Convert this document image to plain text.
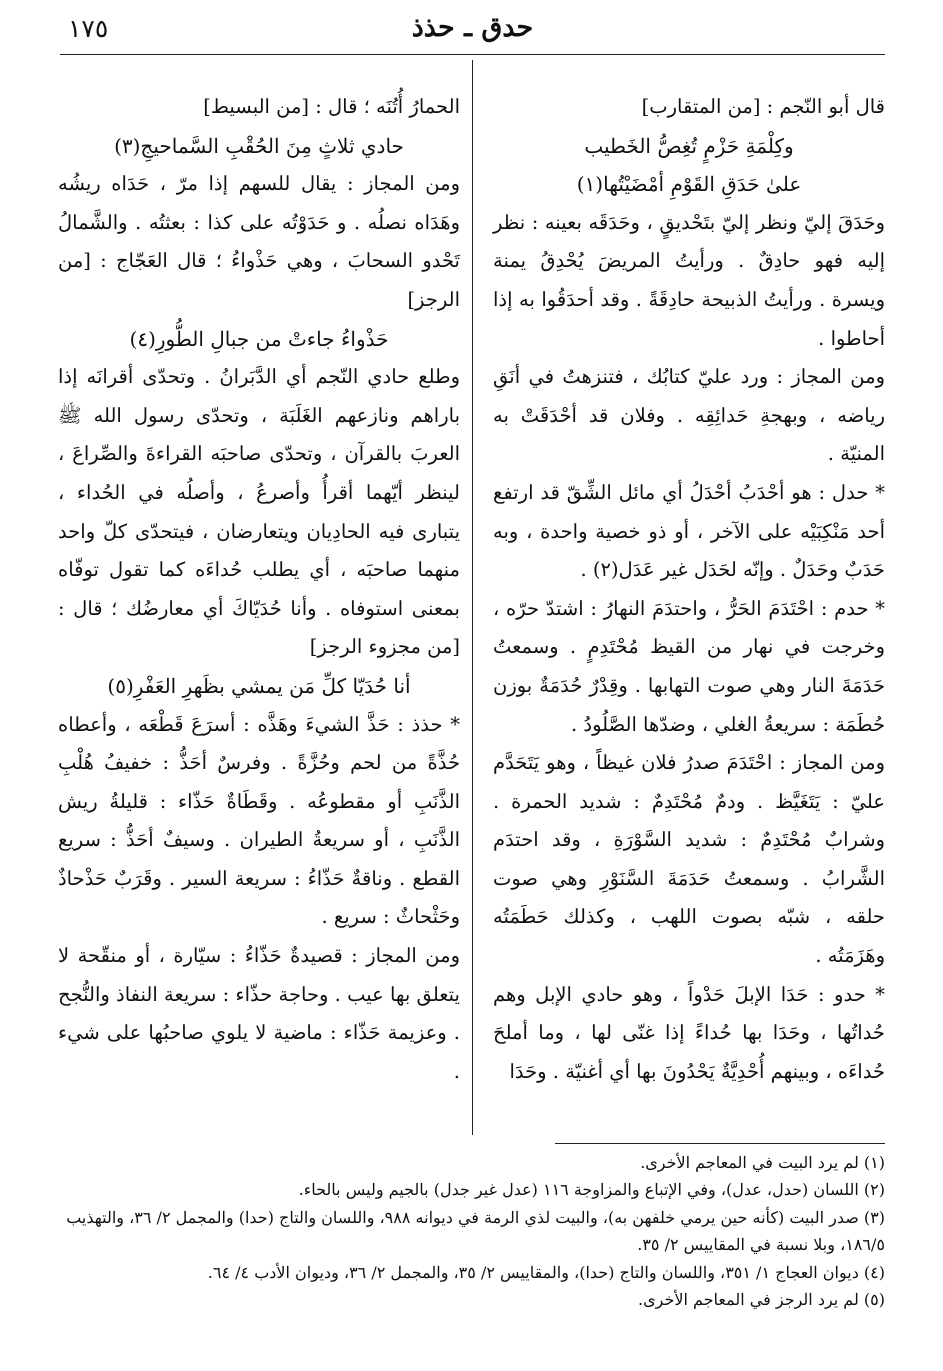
حدق ـ حذذ
١٧٥

قال أبو النّجم : [من المتقارب]

وكِلْمَةِ حَزْمٍ تُغِصُّ الخَطيب

علىٰ حَدَقِ القَوْمِ أمْضَيْتُها(١)

وحَدَقَ إليّ ونظر إليّ بتَحْديقٍ ، وحَدَقَه بعينه : نظر إليه فهو حادِقٌ . ورأيتُ المريضَ يُحْدِقُ يمنة ويسرة . ورأيتُ الذبيحة حادِقَةً . وقد أحدَقُوا به إذا أحاطوا .

ومن المجاز : ورد عليّ كتابُك ، فتنزهتُ في أنَقِ رياضه ، وبهجةِ حَدائِقِه . وفلان قد أحْدَقَتْ به المنيّة .

* حدل : هو أحْدَبُ أحْدَلُ أي مائل الشِّقّ قد ارتفع أحد مَنْكِبَيْه على الآخر ، أو ذو خصية واحدة ، وبه حَدَبٌ وحَدَلٌ . وإنّه لحَدَل غير عَدَل(٢) .

* حدم : احْتَدَمَ الحَرُّ ، واحتدَمَ النهارُ : اشتدّ حرّه ، وخرجت في نهار من القيظ مُحْتَدِمٍ . وسمعتُ حَدَمَةَ النار وهي صوت التهابها . وقِدْرٌ حُدَمَةٌ بوزن حُطَمَة : سريعةُ الغلي ، وضدّها الصَّلُودُ .

ومن المجاز : احْتَدَمَ صدرُ فلان غيظاً ، وهو يَتَحَدَّم عليّ : يَتَغَيَّظ . ودمٌ مُحْتَدِمٌ : شديد الحمرة . وشرابٌ مُحْتَدِمٌ : شديد السَّوْرَةِ ، وقد احتدَم الشَّرابُ . وسمعتُ حَدَمَةَ السَّنَوْرِ وهي صوت حلقه ، شبّه بصوت اللهب ، وكذلك حَطَمَتُه وهَزَمَتُه .

* حدو : حَدَا الإبلَ حَدْواً ، وهو حادي الإبل وهم حُداتُها ، وحَدَا بها حُداءً إذا غنّى لها ، وما أملحَ حُداءَه ، وبينهم أُحْدِيَّةٌ يَحْدُونَ بها أي أغنيّة . وحَدَا

الحمارُ أُتُنَه ؛ قال : [من البسيط]

حادي ثلاثٍ مِنَ الحُقْبِ السَّماحيجِ(٣)

ومن المجاز : يقال للسهم إذا مرّ ، حَدَاه ريشُه وهَدَاه نصلُه . و حَدَوْتُه على كذا : بعثتُه . والشَّمالُ تَحْدو السحابَ ، وهي حَذْواءُ ؛ قال العَجّاج : [من الرجز]

حَذْواءُ جاءتْ من جبالِ الطُّورِ(٤)

وطلع حادي النّجم أي الدَّبَرانُ . وتحدّى أقرانَه إذا باراهم ونازعهم الغَلَبَة ، وتحدّى رسول الله ﷺ العربَ بالقرآن ، وتحدّى صاحبَه القراءةَ والصِّراعَ ، لينظر أيّهما أقرأُ وأصرعُ ، وأصلُه في الحُداء ، يتبارى فيه الحادِيان ويتعارضان ، فيتحدّى كلّ واحد منهما صاحبَه ، أي يطلب حُداءَه كما تقول توفّاه بمعنى استوفاه . وأنا حُدَيّاكَ أي معارضُك ؛ قال : [من مجزوء الرجز]

أنا حُدَيّا كلِّ مَن يمشي بظَهرِ العَفْرِ(٥)

* حذذ : حَذَّ الشيءَ وهَذَّه : أسرَعَ قَطْعَه ، وأعطاه حُذَّةً من لحم وحُزَّةً . وفرسٌ أحَذُّ : خفيفُ هُلْبِ الذَّنَبِ أو مقطوعُه . وقَطَاةٌ حَذّاء : قليلةُ ريش الذَّنَبِ ، أو سريعةُ الطيران . وسيفٌ أحَذُّ : سريع القطع . وناقةٌ حَذّاءُ : سريعة السير . وقَرَبٌ حَذْحاذٌ وحَثْحاثٌ : سريع .

ومن المجاز : قصيدةٌ حَذّاءُ : سيّارة ، أو منقّحة لا يتعلق بها عيب . وحاجة حذّاء : سريعة النفاذ والنُّجح . وعزيمة حَذّاء : ماضية لا يلوي صاحبُها على شيء .

(١) لم يرد البيت في المعاجم الأخرى.

(٢) اللسان (حدل، عدل)، وفي الإتباع والمزاوجة ١١٦ (عدل غير جدل) بالجيم وليس بالحاء.

(٣) صدر البيت (كأنه حين يرمي خلفهن به)، والبيت لذي الرمة في ديوانه ٩٨٨، واللسان والتاج (حدا) والمجمل ٢/ ٣٦، والتهذيب ١٨٦/٥، وبلا نسبة في المقاييس ٢/ ٣٥.

(٤) ديوان العجاج ١/ ٣٥١، واللسان والتاج (حدا)، والمقاييس ٢/ ٣٥، والمجمل ٢/ ٣٦، وديوان الأدب ٤/ ٦٤.

(٥) لم يرد الرجز في المعاجم الأخرى.
